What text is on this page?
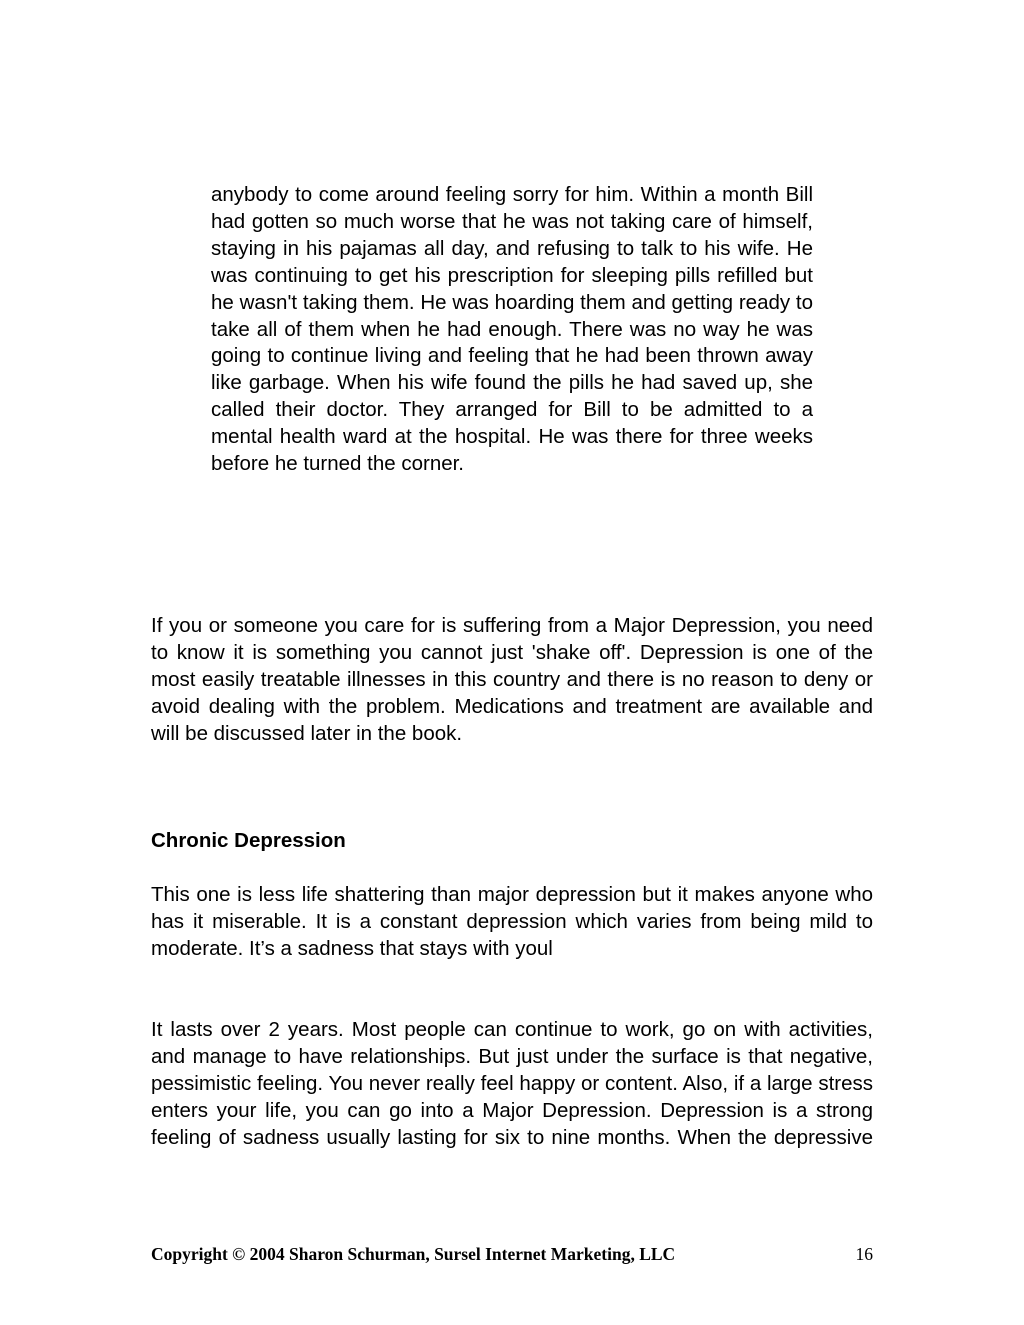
anybody to come around feeling sorry for him. Within a month Bill had gotten so much worse that he was not taking care of himself, staying in his pajamas all day, and refusing to talk to his wife. He was continuing to get his prescription for sleeping pills refilled but he wasn't taking them. He was hoarding them and getting ready to take all of them when he had enough. There was no way he was going to continue living and feeling that he had been thrown away like garbage. When his wife found the pills he had saved up, she called their doctor. They arranged for Bill to be admitted to a mental health ward at the hospital. He was there for three weeks before he turned the corner.

If you or someone you care for is suffering from a Major Depression, you need to know it is something you cannot just 'shake off'. Depression is one of the most easily treatable illnesses in this country and there is no reason to deny or avoid dealing with the problem. Medications and treatment are available and will be discussed later in the book.

Chronic Depression

This one is less life shattering than major depression but it makes anyone who has it miserable. It is a constant depression which varies from being mild to moderate. It’s a sadness that stays with youl

It lasts over 2 years. Most people can continue to work, go on with activities, and manage to have relationships. But just under the surface is that negative, pessimistic feeling. You never really feel happy or content. Also, if a large stress enters your life, you can go into a Major Depression. Depression is a strong feeling of sadness usually lasting for six to nine months. When the depressive

Copyright © 2004 Sharon Schurman, Sursel Internet Marketing, LLC	16
